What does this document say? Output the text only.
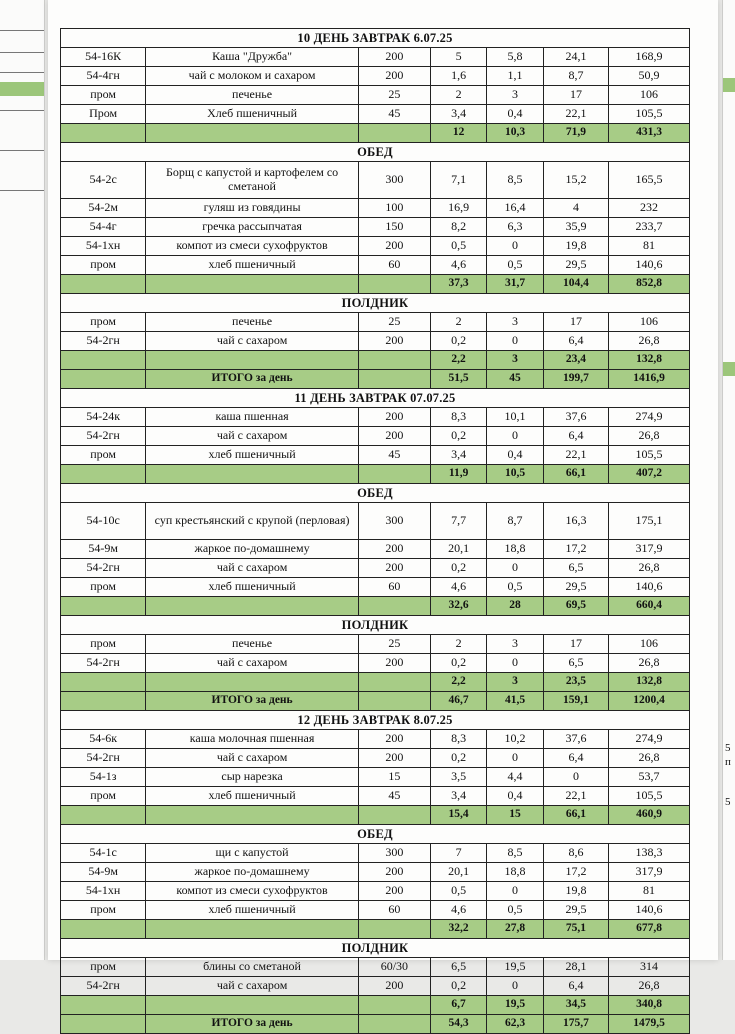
5
п
5
10 ДЕНЬ ЗАВТРАК 6.07.25						
54-16К	Каша "Дружба"	200	5	5,8	24,1	168,9
54-4гн	чай с молоком и сахаром	200	1,6	1,1	8,7	50,9
пром	печенье	25	2	3	17	106
Пром	Хлеб пшеничный	45	3,4	0,4	22,1	105,5
			12	10,3	71,9	431,3
ОБЕД						
54-2с	Борщ с капустой и картофелем со сметаной	300	7,1	8,5	15,2	165,5
54-2м	гуляш из говядины	100	16,9	16,4	4	232
54-4г	гречка рассыпчатая	150	8,2	6,3	35,9	233,7
54-1хн	компот из смеси сухофруктов	200	0,5	0	19,8	81
пром	хлеб пшеничный	60	4,6	0,5	29,5	140,6
			37,3	31,7	104,4	852,8
ПОЛДНИК						
пром	печенье	25	2	3	17	106
54-2гн	чай с сахаром	200	0,2	0	6,4	26,8
			2,2	3	23,4	132,8
	ИТОГО за день		51,5	45	199,7	1416,9
11 ДЕНЬ ЗАВТРАК 07.07.25						
54-24к	каша пшенная	200	8,3	10,1	37,6	274,9
54-2гн	чай с сахаром	200	0,2	0	6,4	26,8
пром	хлеб пшеничный	45	3,4	0,4	22,1	105,5
			11,9	10,5	66,1	407,2
ОБЕД						
54-10с	суп крестьянский с крупой (перловая)	300	7,7	8,7	16,3	175,1
54-9м	жаркое по-домашнему	200	20,1	18,8	17,2	317,9
54-2гн	чай с сахаром	200	0,2	0	6,5	26,8
пром	хлеб пшеничный	60	4,6	0,5	29,5	140,6
			32,6	28	69,5	660,4
ПОЛДНИК						
пром	печенье	25	2	3	17	106
54-2гн	чай с сахаром	200	0,2	0	6,5	26,8
			2,2	3	23,5	132,8
	ИТОГО за день		46,7	41,5	159,1	1200,4
12 ДЕНЬ ЗАВТРАК 8.07.25						
54-6к	каша молочная пшенная	200	8,3	10,2	37,6	274,9
54-2гн	чай с сахаром	200	0,2	0	6,4	26,8
54-1з	сыр нарезка	15	3,5	4,4	0	53,7
пром	хлеб пшеничный	45	3,4	0,4	22,1	105,5
			15,4	15	66,1	460,9
ОБЕД						
54-1с	щи с капустой	300	7	8,5	8,6	138,3
54-9м	жаркое по-домашнему	200	20,1	18,8	17,2	317,9
54-1хн	компот из смеси сухофруктов	200	0,5	0	19,8	81
пром	хлеб пшеничный	60	4,6	0,5	29,5	140,6
			32,2	27,8	75,1	677,8
ПОЛДНИК						
пром	блины со сметаной	60/30	6,5	19,5	28,1	314
54-2гн	чай с сахаром	200	0,2	0	6,4	26,8
			6,7	19,5	34,5	340,8
	ИТОГО за день		54,3	62,3	175,7	1479,5
